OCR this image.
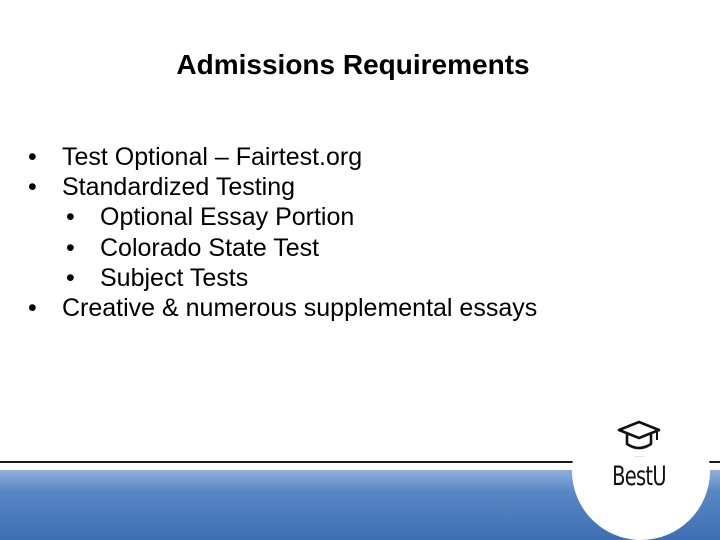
Admissions Requirements
• Test Optional – Fairtest.org
• Standardized Testing
• Optional Essay Portion
• Colorado State Test
• Subject Tests
• Creative & numerous supplemental essays
~~~~
BestU
